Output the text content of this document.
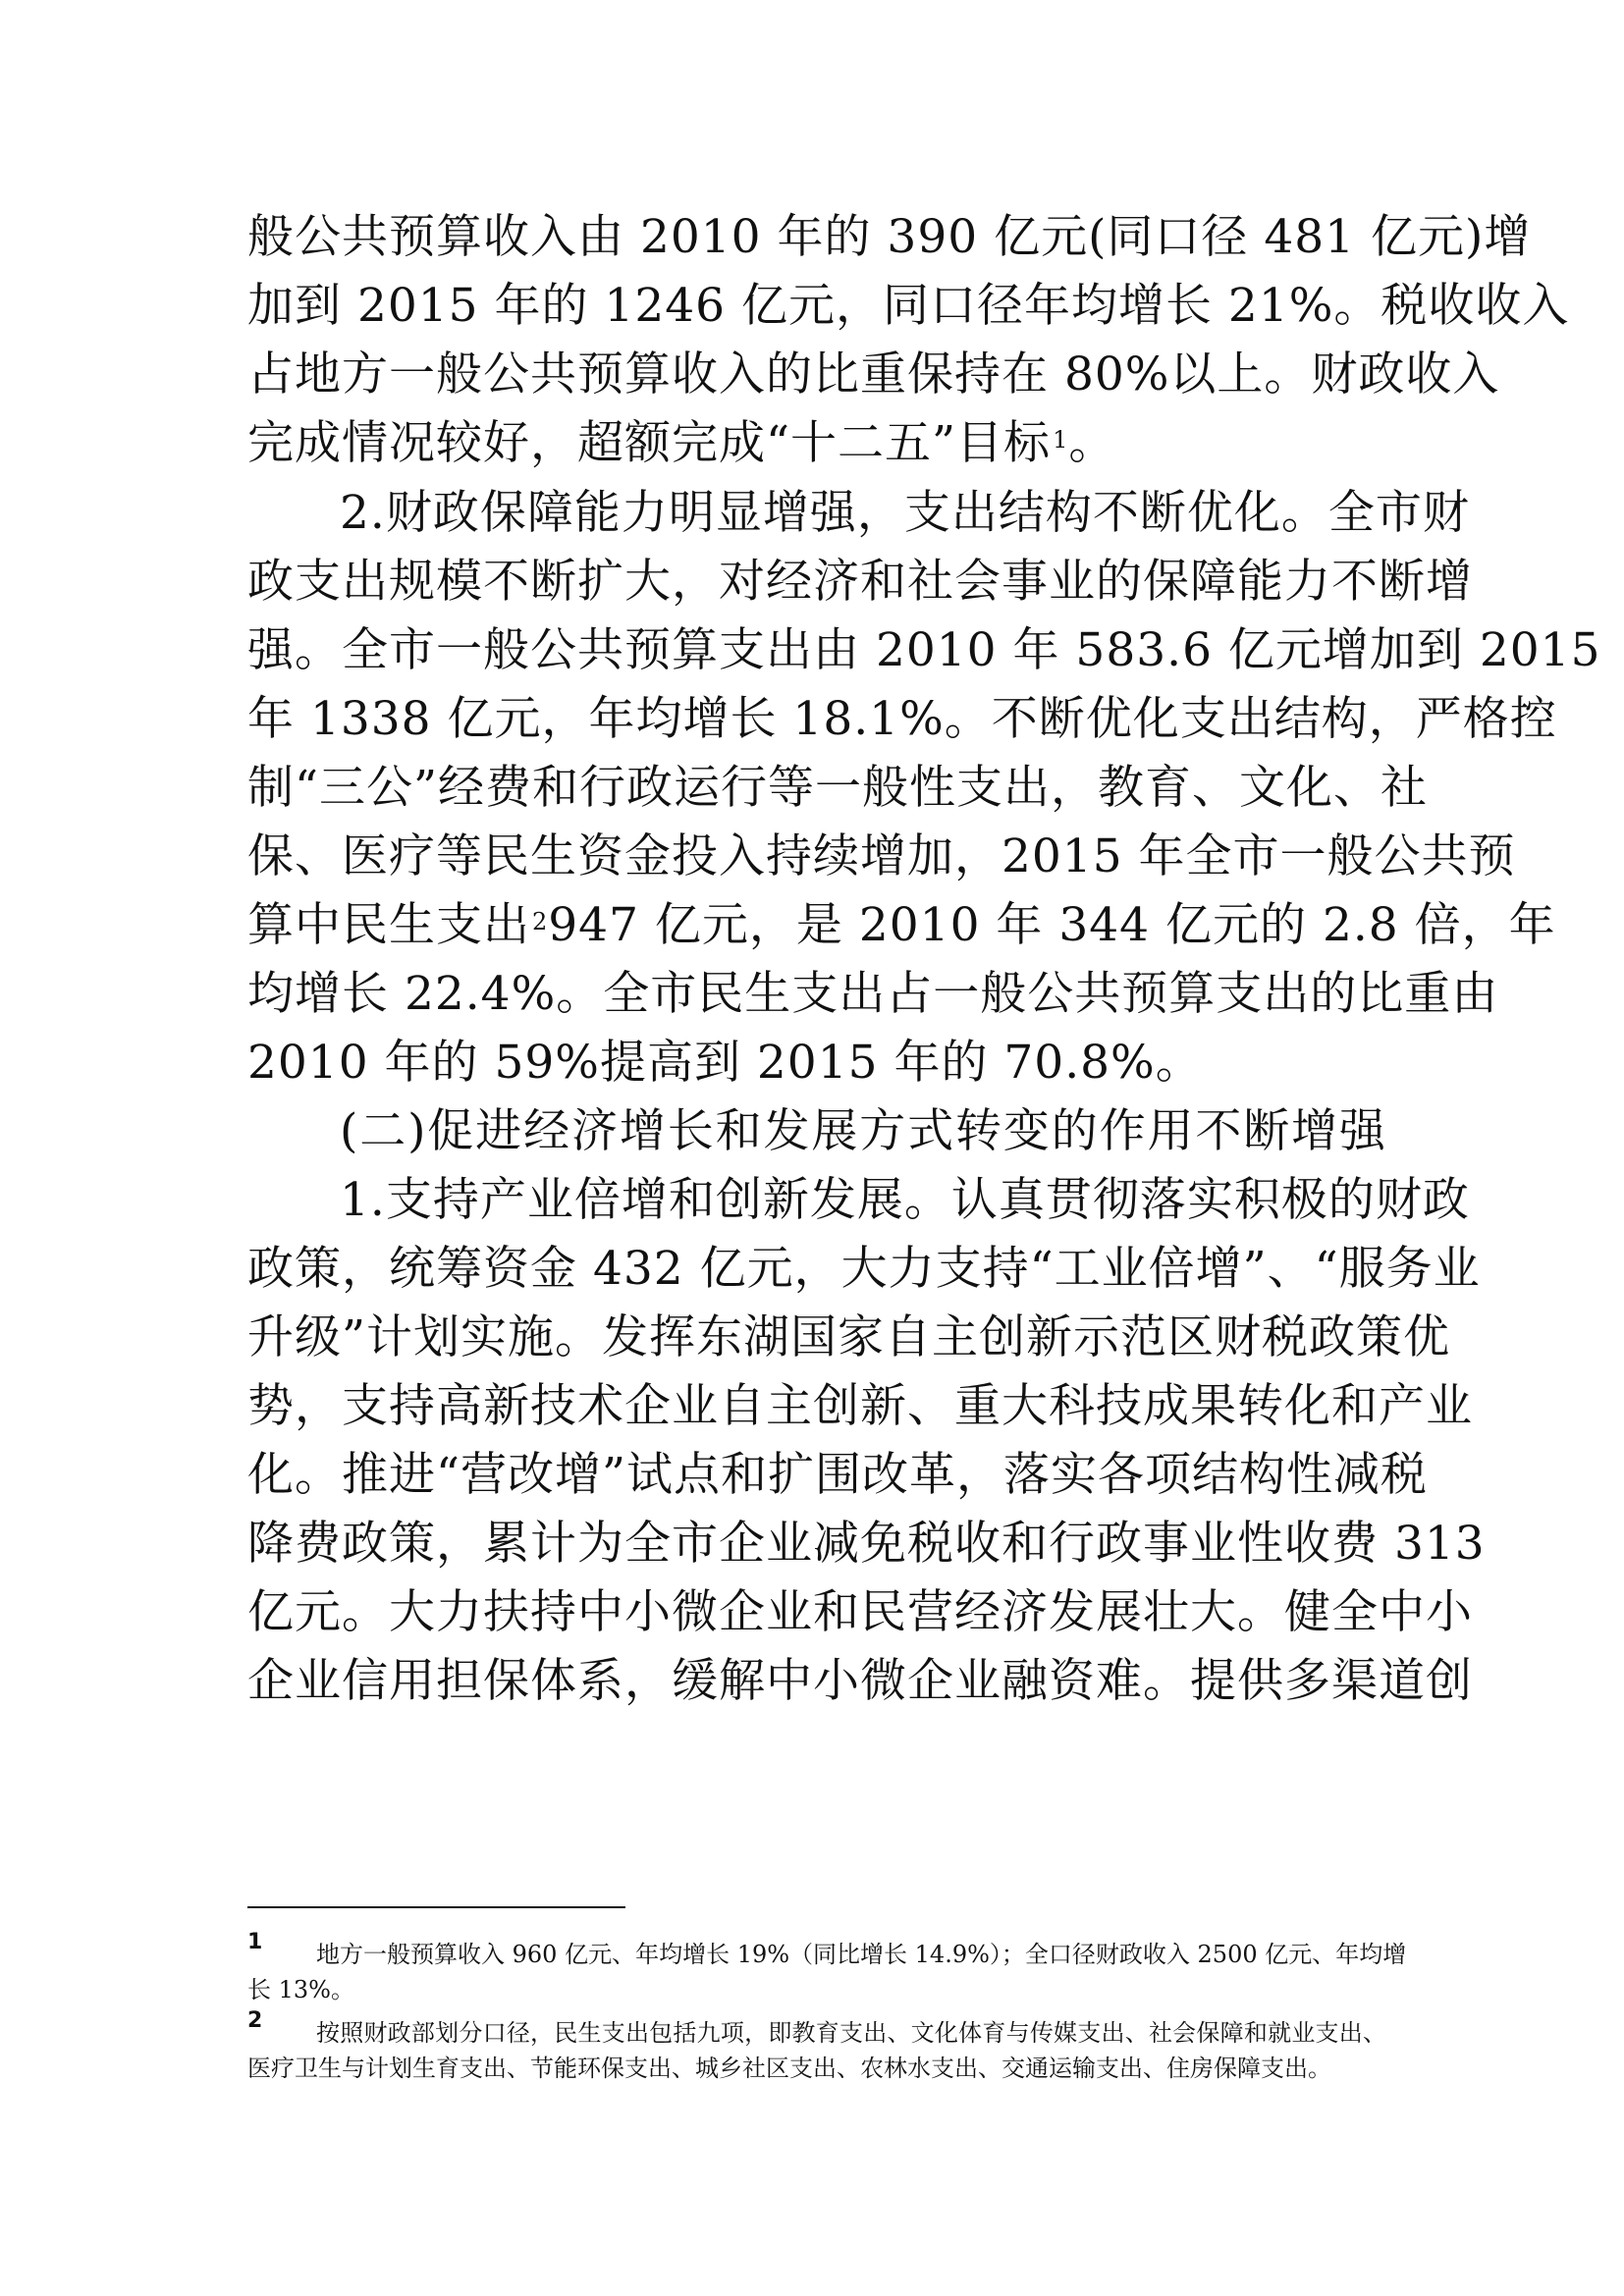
般公共预算收入由 2010 年的 390 亿元(同口径 481 亿元)增
加到 2015 年的 1246 亿元，同口径年均增长 21%。税收收入
占地方一般公共预算收入的比重保持在 80%以上。财政收入
完成情况较好，超额完成“十二五”目标$^1$。
2.财政保障能力明显增强，支出结构不断优化。全市财
政支出规模不断扩大，对经济和社会事业的保障能力不断增
强。全市一般公共预算支出由 2010 年 583.6 亿元增加到 2015
年 1338 亿元，年均增长 18.1%。不断优化支出结构，严格控
制“三公”经费和行政运行等一般性支出，教育、文化、社
保、医疗等民生资金投入持续增加，2015 年全市一般公共预
算中民生支出$^2$947 亿元，是 2010 年 344 亿元的 2.8 倍，年
均增长 22.4%。全市民生支出占一般公共预算支出的比重由
2010 年的 59%提高到 2015 年的 70.8%。
(二)促进经济增长和发展方式转变的作用不断增强
1.支持产业倍增和创新发展。认真贯彻落实积极的财政
政策，统筹资金 432 亿元，大力支持“工业倍增”、“服务业
升级”计划实施。发挥东湖国家自主创新示范区财税政策优
势，支持高新技术企业自主创新、重大科技成果转化和产业
化。推进“营改增”试点和扩围改革，落实各项结构性减税
降费政策，累计为全市企业减免税收和行政事业性收费 313
亿元。大力扶持中小微企业和民营经济发展壮大。健全中小
企业信用担保体系，缓解中小微企业融资难。提供多渠道创
1 地方一般预算收入 960 亿元、年均增长 19%（同比增长 14.9%）；全口径财政收入 2500 亿元、年均增
长 13%。
2 按照财政部划分口径，民生支出包括九项，即教育支出、文化体育与传媒支出、社会保障和就业支出、
医疗卫生与计划生育支出、节能环保支出、城乡社区支出、农林水支出、交通运输支出、住房保障支出。
